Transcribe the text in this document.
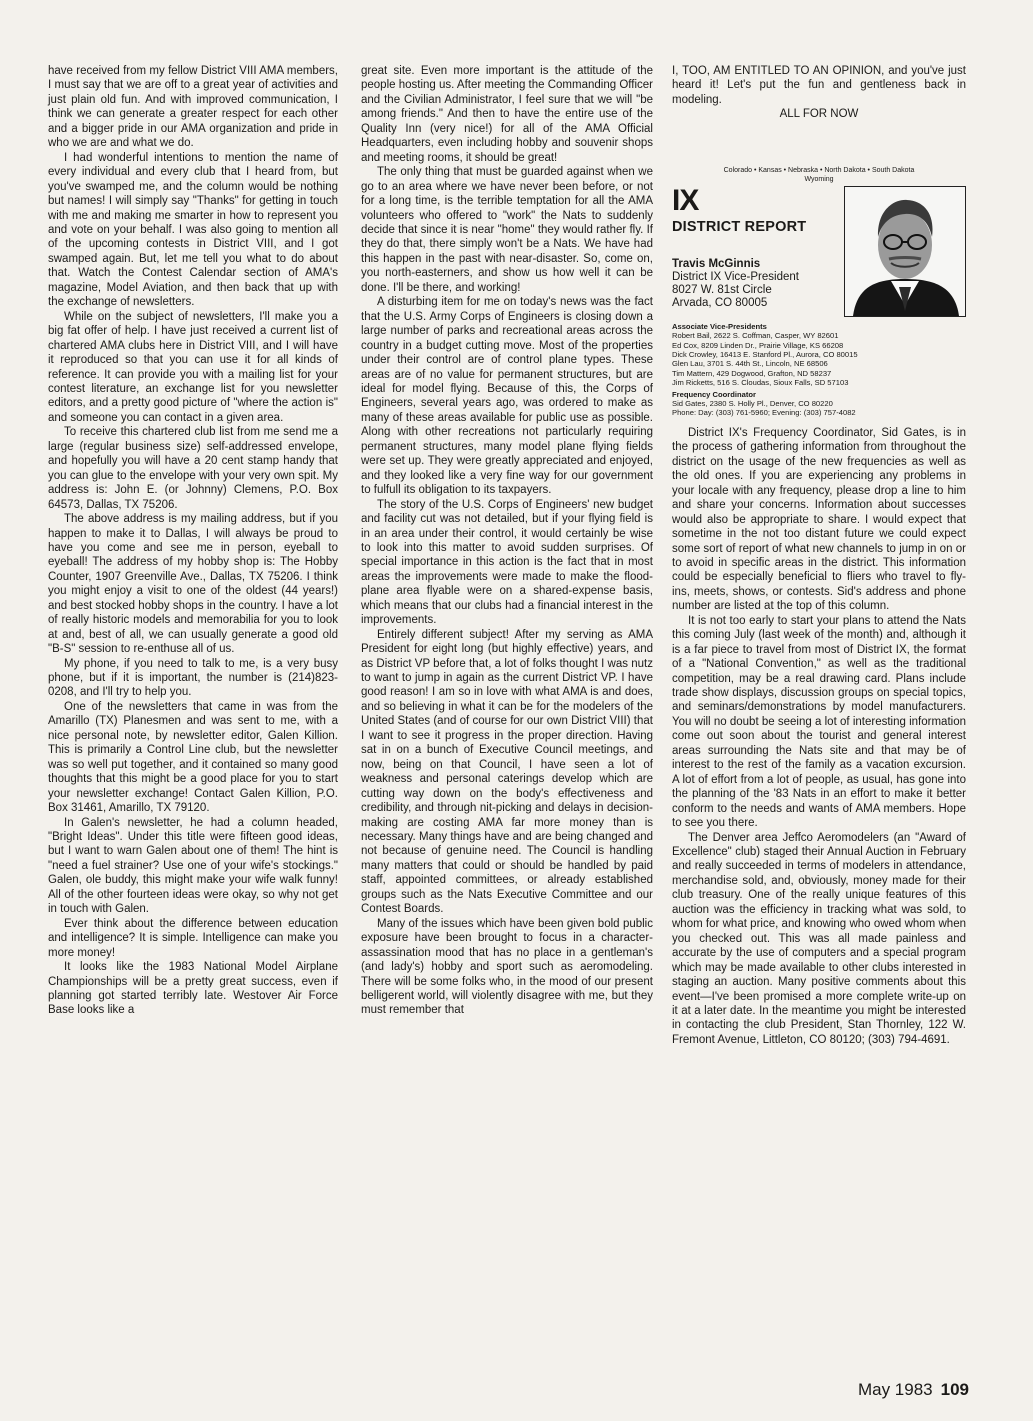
have received from my fellow District VIII AMA members, I must say that we are off to a great year of activities and just plain old fun. And with improved communication, I think we can generate a greater respect for each other and a bigger pride in our AMA organization and pride in who we are and what we do.

I had wonderful intentions to mention the name of every individual and every club that I heard from, but you've swamped me, and the column would be nothing but names! I will simply say "Thanks" for getting in touch with me and making me smarter in how to represent you and vote on your behalf. I was also going to mention all of the upcoming contests in District VIII, and I got swamped again. But, let me tell you what to do about that. Watch the Contest Calendar section of AMA's magazine, Model Aviation, and then back that up with the exchange of newsletters.

While on the subject of newsletters, I'll make you a big fat offer of help. I have just received a current list of chartered AMA clubs here in District VIII, and I will have it reproduced so that you can use it for all kinds of reference. It can provide you with a mailing list for your contest literature, an exchange list for you newsletter editors, and a pretty good picture of "where the action is" and someone you can contact in a given area.

To receive this chartered club list from me send me a large (regular business size) self-addressed envelope, and hopefully you will have a 20 cent stamp handy that you can glue to the envelope with your very own spit. My address is: John E. (or Johnny) Clemens, P.O. Box 64573, Dallas, TX 75206.

The above address is my mailing address, but if you happen to make it to Dallas, I will always be proud to have you come and see me in person, eyeball to eyeball! The address of my hobby shop is: The Hobby Counter, 1907 Greenville Ave., Dallas, TX 75206. I think you might enjoy a visit to one of the oldest (44 years!) and best stocked hobby shops in the country. I have a lot of really historic models and memorabilia for you to look at and, best of all, we can usually generate a good old "B-S" session to re-enthuse all of us.

My phone, if you need to talk to me, is a very busy phone, but if it is important, the number is (214)823-0208, and I'll try to help you.

One of the newsletters that came in was from the Amarillo (TX) Planesmen and was sent to me, with a nice personal note, by newsletter editor, Galen Killion. This is primarily a Control Line club, but the newsletter was so well put together, and it contained so many good thoughts that this might be a good place for you to start your newsletter exchange! Contact Galen Killion, P.O. Box 31461, Amarillo, TX 79120.

In Galen's newsletter, he had a column headed, "Bright Ideas". Under this title were fifteen good ideas, but I want to warn Galen about one of them! The hint is "need a fuel strainer? Use one of your wife's stockings." Galen, ole buddy, this might make your wife walk funny! All of the other fourteen ideas were okay, so why not get in touch with Galen.

Ever think about the difference between education and intelligence? It is simple. Intelligence can make you more money!

It looks like the 1983 National Model Airplane Championships will be a pretty great success, even if planning got started terribly late. Westover Air Force Base looks like a

great site. Even more important is the attitude of the people hosting us. After meeting the Commanding Officer and the Civilian Administrator, I feel sure that we will "be among friends." And then to have the entire use of the Quality Inn (very nice!) for all of the AMA Official Headquarters, even including hobby and souvenir shops and meeting rooms, it should be great!

The only thing that must be guarded against when we go to an area where we have never been before, or not for a long time, is the terrible temptation for all the AMA volunteers who offered to "work" the Nats to suddenly decide that since it is near "home" they would rather fly. If they do that, there simply won't be a Nats. We have had this happen in the past with near-disaster. So, come on, you north-easterners, and show us how well it can be done. I'll be there, and working!

A disturbing item for me on today's news was the fact that the U.S. Army Corps of Engineers is closing down a large number of parks and recreational areas across the country in a budget cutting move. Most of the properties under their control are of control plane types. These areas are of no value for permanent structures, but are ideal for model flying. Because of this, the Corps of Engineers, several years ago, was ordered to make as many of these areas available for public use as possible. Along with other recreations not particularly requiring permanent structures, many model plane flying fields were set up. They were greatly appreciated and enjoyed, and they looked like a very fine way for our government to fulfull its obligation to its taxpayers.

The story of the U.S. Corps of Engineers' new budget and facility cut was not detailed, but if your flying field is in an area under their control, it would certainly be wise to look into this matter to avoid sudden surprises. Of special importance in this action is the fact that in most areas the improvements were made to make the flood-plane area flyable were on a shared-expense basis, which means that our clubs had a financial interest in the improvements.

Entirely different subject! After my serving as AMA President for eight long (but highly effective) years, and as District VP before that, a lot of folks thought I was nutz to want to jump in again as the current District VP. I have good reason! I am so in love with what AMA is and does, and so believing in what it can be for the modelers of the United States (and of course for our own District VIII) that I want to see it progress in the proper direction. Having sat in on a bunch of Executive Council meetings, and now, being on that Council, I have seen a lot of weakness and personal caterings develop which are cutting way down on the body's effectiveness and credibility, and through nit-picking and delays in decision-making are costing AMA far more money than is necessary. Many things have and are being changed and not because of genuine need. The Council is handling many matters that could or should be handled by paid staff, appointed committees, or already established groups such as the Nats Executive Committee and our Contest Boards.

Many of the issues which have been given bold public exposure have been brought to focus in a character-assassination mood that has no place in a gentleman's (and lady's) hobby and sport such as aeromodeling. There will be some folks who, in the mood of our present belligerent world, will violently disagree with me, but they must remember that

I, TOO, AM ENTITLED TO AN OPINION, and you've just heard it! Let's put the fun and gentleness back in modeling.

ALL FOR NOW

Colorado • Kansas • Nebraska • North Dakota • South Dakota
Wyoming
IX
DISTRICT REPORT
Travis McGinnis
District IX Vice-President
8027 W. 81st Circle
Arvada, CO 80005
Associate Vice-Presidents
Robert Bail, 2622 S. Coffman, Casper, WY 82601
Ed Cox, 8209 Linden Dr., Prairie Village, KS 66208
Dick Crowley, 16413 E. Stanford Pl., Aurora, CO 80015
Glen Lau, 3701 S. 44th St., Lincoln, NE 68506
Tim Mattern, 429 Dogwood, Grafton, ND 58237
Jim Ricketts, 516 S. Cloudas, Sioux Falls, SD 57103
Frequency Coordinator
Sid Gates, 2380 S. Holly Pl., Denver, CO 80220
Phone: Day: (303) 761-5960; Evening: (303) 757-4082

District IX's Frequency Coordinator, Sid Gates, is in the process of gathering information from throughout the district on the usage of the new frequencies as well as the old ones. If you are experiencing any problems in your locale with any frequency, please drop a line to him and share your concerns. Information about successes would also be appropriate to share. I would expect that sometime in the not too distant future we could expect some sort of report of what new channels to jump in on or to avoid in specific areas in the district. This information could be especially beneficial to fliers who travel to fly-ins, meets, shows, or contests. Sid's address and phone number are listed at the top of this column.

It is not too early to start your plans to attend the Nats this coming July (last week of the month) and, although it is a far piece to travel from most of District IX, the format of a "National Convention," as well as the traditional competition, may be a real drawing card. Plans include trade show displays, discussion groups on special topics, and seminars/demonstrations by model manufacturers. You will no doubt be seeing a lot of interesting information come out soon about the tourist and general interest areas surrounding the Nats site and that may be of interest to the rest of the family as a vacation excursion. A lot of effort from a lot of people, as usual, has gone into the planning of the '83 Nats in an effort to make it better conform to the needs and wants of AMA members. Hope to see you there.

The Denver area Jeffco Aeromodelers (an "Award of Excellence" club) staged their Annual Auction in February and really succeeded in terms of modelers in attendance, merchandise sold, and, obviously, money made for their club treasury. One of the really unique features of this auction was the efficiency in tracking what was sold, to whom for what price, and knowing who owed whom when you checked out. This was all made painless and accurate by the use of computers and a special program which may be made available to other clubs interested in staging an auction. Many positive comments about this event—I've been promised a more complete write-up on it at a later date. In the meantime you might be interested in contacting the club President, Stan Thornley, 122 W. Fremont Avenue, Littleton, CO 80120; (303) 794-4691.

May 1983 109
